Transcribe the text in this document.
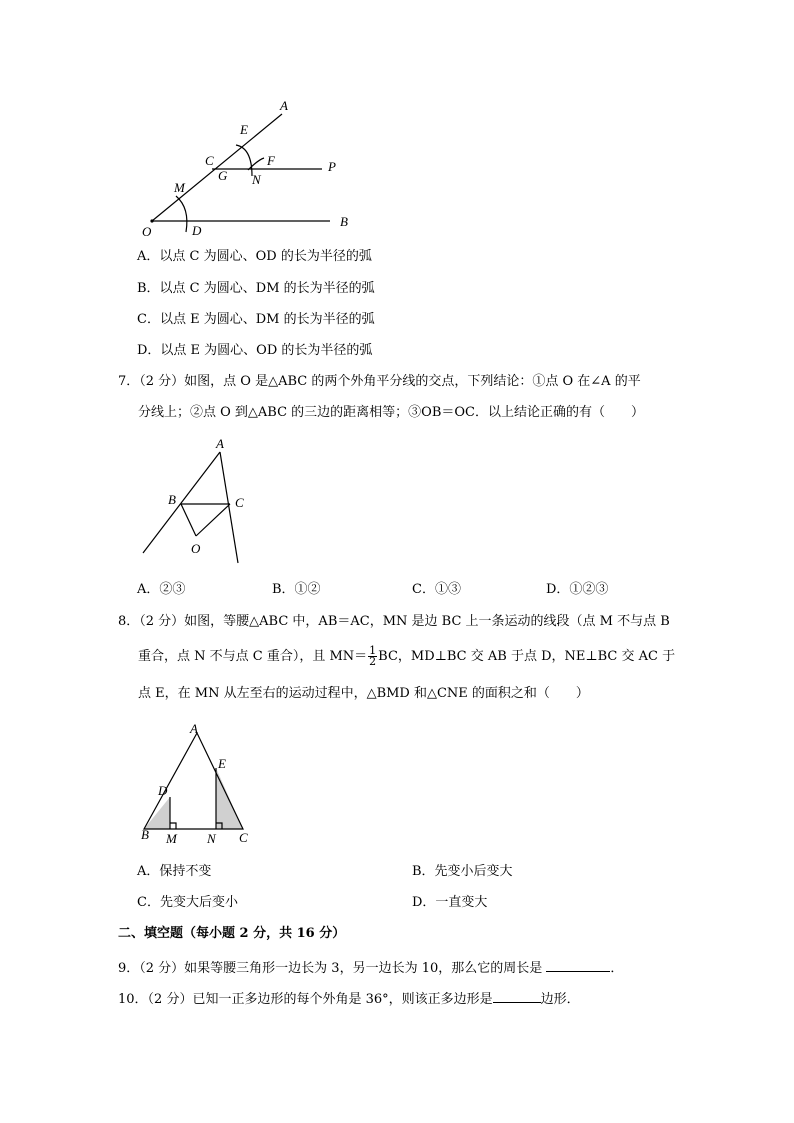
A
E
C	F	P
G N
M
O	D
B
A．以点 C 为圆心、OD 的长为半径的弧
B．以点 C 为圆心、DM 的长为半径的弧
C．以点 E 为圆心、DM 的长为半径的弧
D．以点 E 为圆心、OD 的长为半径的弧
7．（2 分）如图，点 O 是△ABC 的两个外角平分线的交点，下列结论：①点 O 在∠A 的平
分线上；②点 O 到△ABC 的三边的距离相等；③OB＝OC．以上结论正确的有（　　）
A
B	C
O
A．②③	B．①②	C．①③	D．①②③
8．（2 分）如图，等腰△ABC 中，AB＝AC，MN 是边 BC 上一条运动的线段（点 M 不与点 B
重合，点 N 不与点 C 重合），且 $MN= \frac{1}{2}$ BC，MD⊥BC 交 AB 于点 D，NE⊥BC 交 AC 于
点 E，在 MN 从左至右的运动过程中，△BMD 和△CNE 的面积之和（　　）
A
E
D
B M N C
A．保持不变	B．先变小后变大
C．先变大后变小	D．一直变大
二、填空题（每小题 2 分，共 16 分）
9．（2 分）如果等腰三角形一边长为 3，另一边长为 10，那么它的周长是	．
10．（2 分）已知一正多边形的每个外角是 36°，则该正多边形是	边形．
